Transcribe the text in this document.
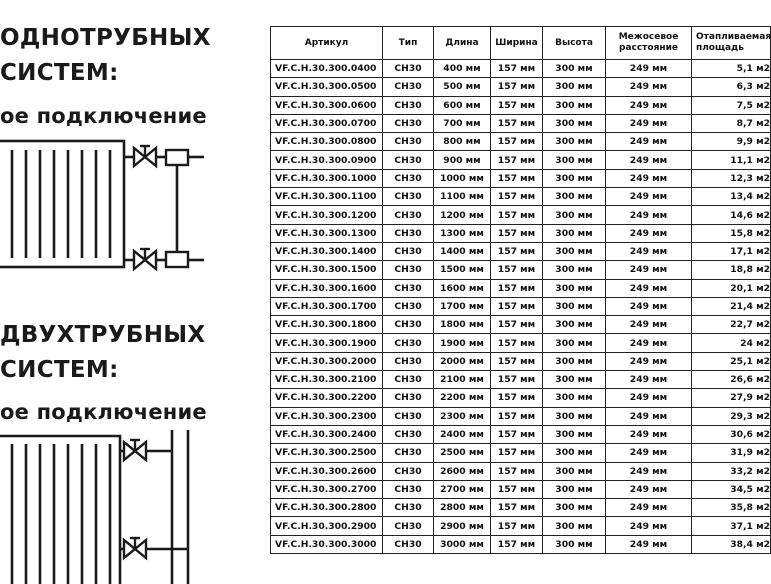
ОДНОТРУБНЫХ
СИСТЕМ:
ое подключение
ДВУХТРУБНЫХ
СИСТЕМ:
ое подключение
Артикул	Тип	Длина	Ширина	Высота	Межосевое расстояние	Отапливаемая площадь
VF.C.H.30.300.0400	СН30	400 мм	157 мм	300 мм	249 мм	5,1 м2
VF.C.H.30.300.0500	СН30	500 мм	157 мм	300 мм	249 мм	6,3 м2
VF.C.H.30.300.0600	СН30	600 мм	157 мм	300 мм	249 мм	7,5 м2
VF.C.H.30.300.0700	СН30	700 мм	157 мм	300 мм	249 мм	8,7 м2
VF.C.H.30.300.0800	СН30	800 мм	157 мм	300 мм	249 мм	9,9 м2
VF.C.H.30.300.0900	СН30	900 мм	157 мм	300 мм	249 мм	11,1 м2
VF.C.H.30.300.1000	СН30	1000 мм	157 мм	300 мм	249 мм	12,3 м2
VF.C.H.30.300.1100	СН30	1100 мм	157 мм	300 мм	249 мм	13,4 м2
VF.C.H.30.300.1200	СН30	1200 мм	157 мм	300 мм	249 мм	14,6 м2
VF.C.H.30.300.1300	СН30	1300 мм	157 мм	300 мм	249 мм	15,8 м2
VF.C.H.30.300.1400	СН30	1400 мм	157 мм	300 мм	249 мм	17,1 м2
VF.C.H.30.300.1500	СН30	1500 мм	157 мм	300 мм	249 мм	18,8 м2
VF.C.H.30.300.1600	СН30	1600 мм	157 мм	300 мм	249 мм	20,1 м2
VF.C.H.30.300.1700	СН30	1700 мм	157 мм	300 мм	249 мм	21,4 м2
VF.C.H.30.300.1800	СН30	1800 мм	157 мм	300 мм	249 мм	22,7 м2
VF.C.H.30.300.1900	СН30	1900 мм	157 мм	300 мм	249 мм	24 м2
VF.C.H.30.300.2000	СН30	2000 мм	157 мм	300 мм	249 мм	25,1 м2
VF.C.H.30.300.2100	СН30	2100 мм	157 мм	300 мм	249 мм	26,6 м2
VF.C.H.30.300.2200	СН30	2200 мм	157 мм	300 мм	249 мм	27,9 м2
VF.C.H.30.300.2300	СН30	2300 мм	157 мм	300 мм	249 мм	29,3 м2
VF.C.H.30.300.2400	СН30	2400 мм	157 мм	300 мм	249 мм	30,6 м2
VF.C.H.30.300.2500	СН30	2500 мм	157 мм	300 мм	249 мм	31,9 м2
VF.C.H.30.300.2600	СН30	2600 мм	157 мм	300 мм	249 мм	33,2 м2
VF.C.H.30.300.2700	СН30	2700 мм	157 мм	300 мм	249 мм	34,5 м2
VF.C.H.30.300.2800	СН30	2800 мм	157 мм	300 мм	249 мм	35,8 м2
VF.C.H.30.300.2900	СН30	2900 мм	157 мм	300 мм	249 мм	37,1 м2
VF.C.H.30.300.3000	СН30	3000 мм	157 мм	300 мм	249 мм	38,4 м2
